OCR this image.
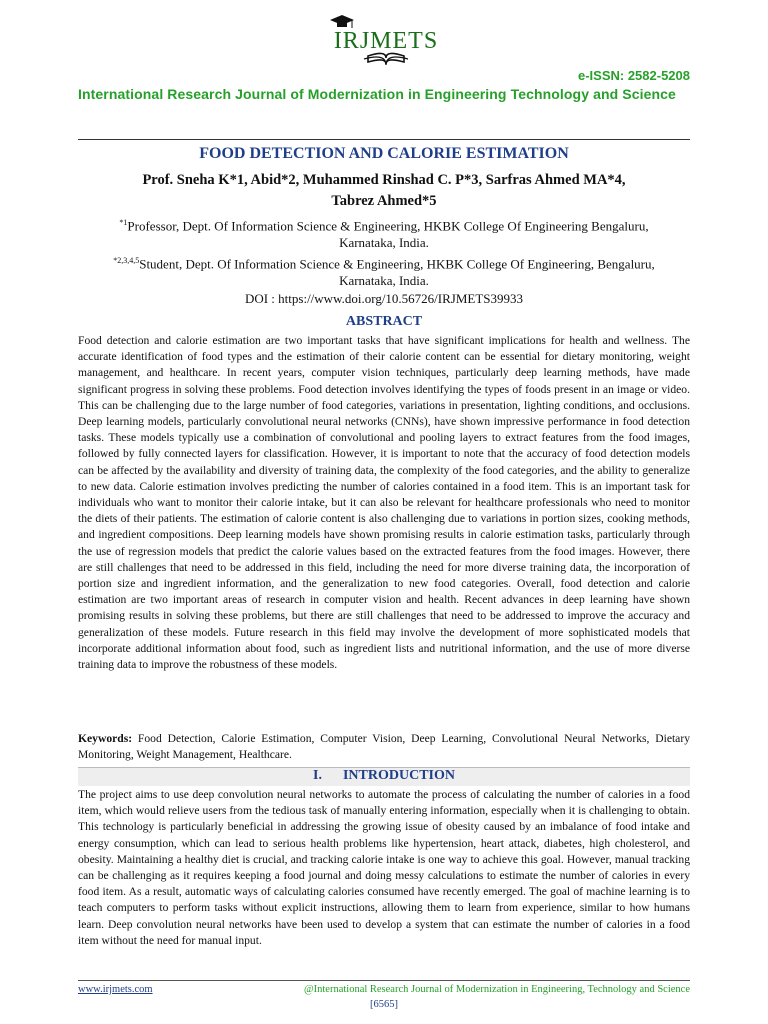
IRJMETS
e-ISSN: 2582-5208
International Research Journal of Modernization in Engineering Technology and Science
FOOD DETECTION AND CALORIE ESTIMATION
Prof. Sneha K*1, Abid*2, Muhammed Rinshad C. P*3, Sarfras Ahmed MA*4,
Tabrez Ahmed*5
$^{*1}$Professor, Dept. Of Information Science & Engineering, HKBK College Of Engineering Bengaluru,
Karnataka, India.
$^{*2,3,4,5}$Student, Dept. Of Information Science & Engineering, HKBK College Of Engineering, Bengaluru,
Karnataka, India.
DOI : https://www.doi.org/10.56726/IRJMETS39933
ABSTRACT
Food detection and calorie estimation are two important tasks that have significant implications for health and wellness. The accurate identification of food types and the estimation of their calorie content can be essential for dietary monitoring, weight management, and healthcare. In recent years, computer vision techniques, particularly deep learning methods, have made significant progress in solving these problems. Food detection involves identifying the types of foods present in an image or video. This can be challenging due to the large number of food categories, variations in presentation, lighting conditions, and occlusions. Deep learning models, particularly convolutional neural networks (CNNs), have shown impressive performance in food detection tasks. These models typically use a combination of convolutional and pooling layers to extract features from the food images, followed by fully connected layers for classification. However, it is important to note that the accuracy of food detection models can be affected by the availability and diversity of training data, the complexity of the food categories, and the ability to generalize to new data. Calorie estimation involves predicting the number of calories contained in a food item. This is an important task for individuals who want to monitor their calorie intake, but it can also be relevant for healthcare professionals who need to monitor the diets of their patients. The estimation of calorie content is also challenging due to variations in portion sizes, cooking methods, and ingredient compositions. Deep learning models have shown promising results in calorie estimation tasks, particularly through the use of regression models that predict the calorie values based on the extracted features from the food images. However, there are still challenges that need to be addressed in this field, including the need for more diverse training data, the incorporation of portion size and ingredient information, and the generalization to new food categories. Overall, food detection and calorie estimation are two important areas of research in computer vision and health. Recent advances in deep learning have shown promising results in solving these problems, but there are still challenges that need to be addressed to improve the accuracy and generalization of these models. Future research in this field may involve the development of more sophisticated models that incorporate additional information about food, such as ingredient lists and nutritional information, and the use of more diverse training data to improve the robustness of these models.
Keywords: Food Detection, Calorie Estimation, Computer Vision, Deep Learning, Convolutional Neural Networks, Dietary Monitoring, Weight Management, Healthcare.
I.      INTRODUCTION
The project aims to use deep convolution neural networks to automate the process of calculating the number of calories in a food item, which would relieve users from the tedious task of manually entering information, especially when it is challenging to obtain. This technology is particularly beneficial in addressing the growing issue of obesity caused by an imbalance of food intake and energy consumption, which can lead to serious health problems like hypertension, heart attack, diabetes, high cholesterol, and obesity. Maintaining a healthy diet is crucial, and tracking calorie intake is one way to achieve this goal. However, manual tracking can be challenging as it requires keeping a food journal and doing messy calculations to estimate the number of calories in every food item. As a result, automatic ways of calculating calories consumed have recently emerged. The goal of machine learning is to teach computers to perform tasks without explicit instructions, allowing them to learn from experience, similar to how humans learn. Deep convolution neural networks have been used to develop a system that can estimate the number of calories in a food item without the need for manual input.
www.irjmets.com	@International Research Journal of Modernization in Engineering, Technology and Science
[6565]
